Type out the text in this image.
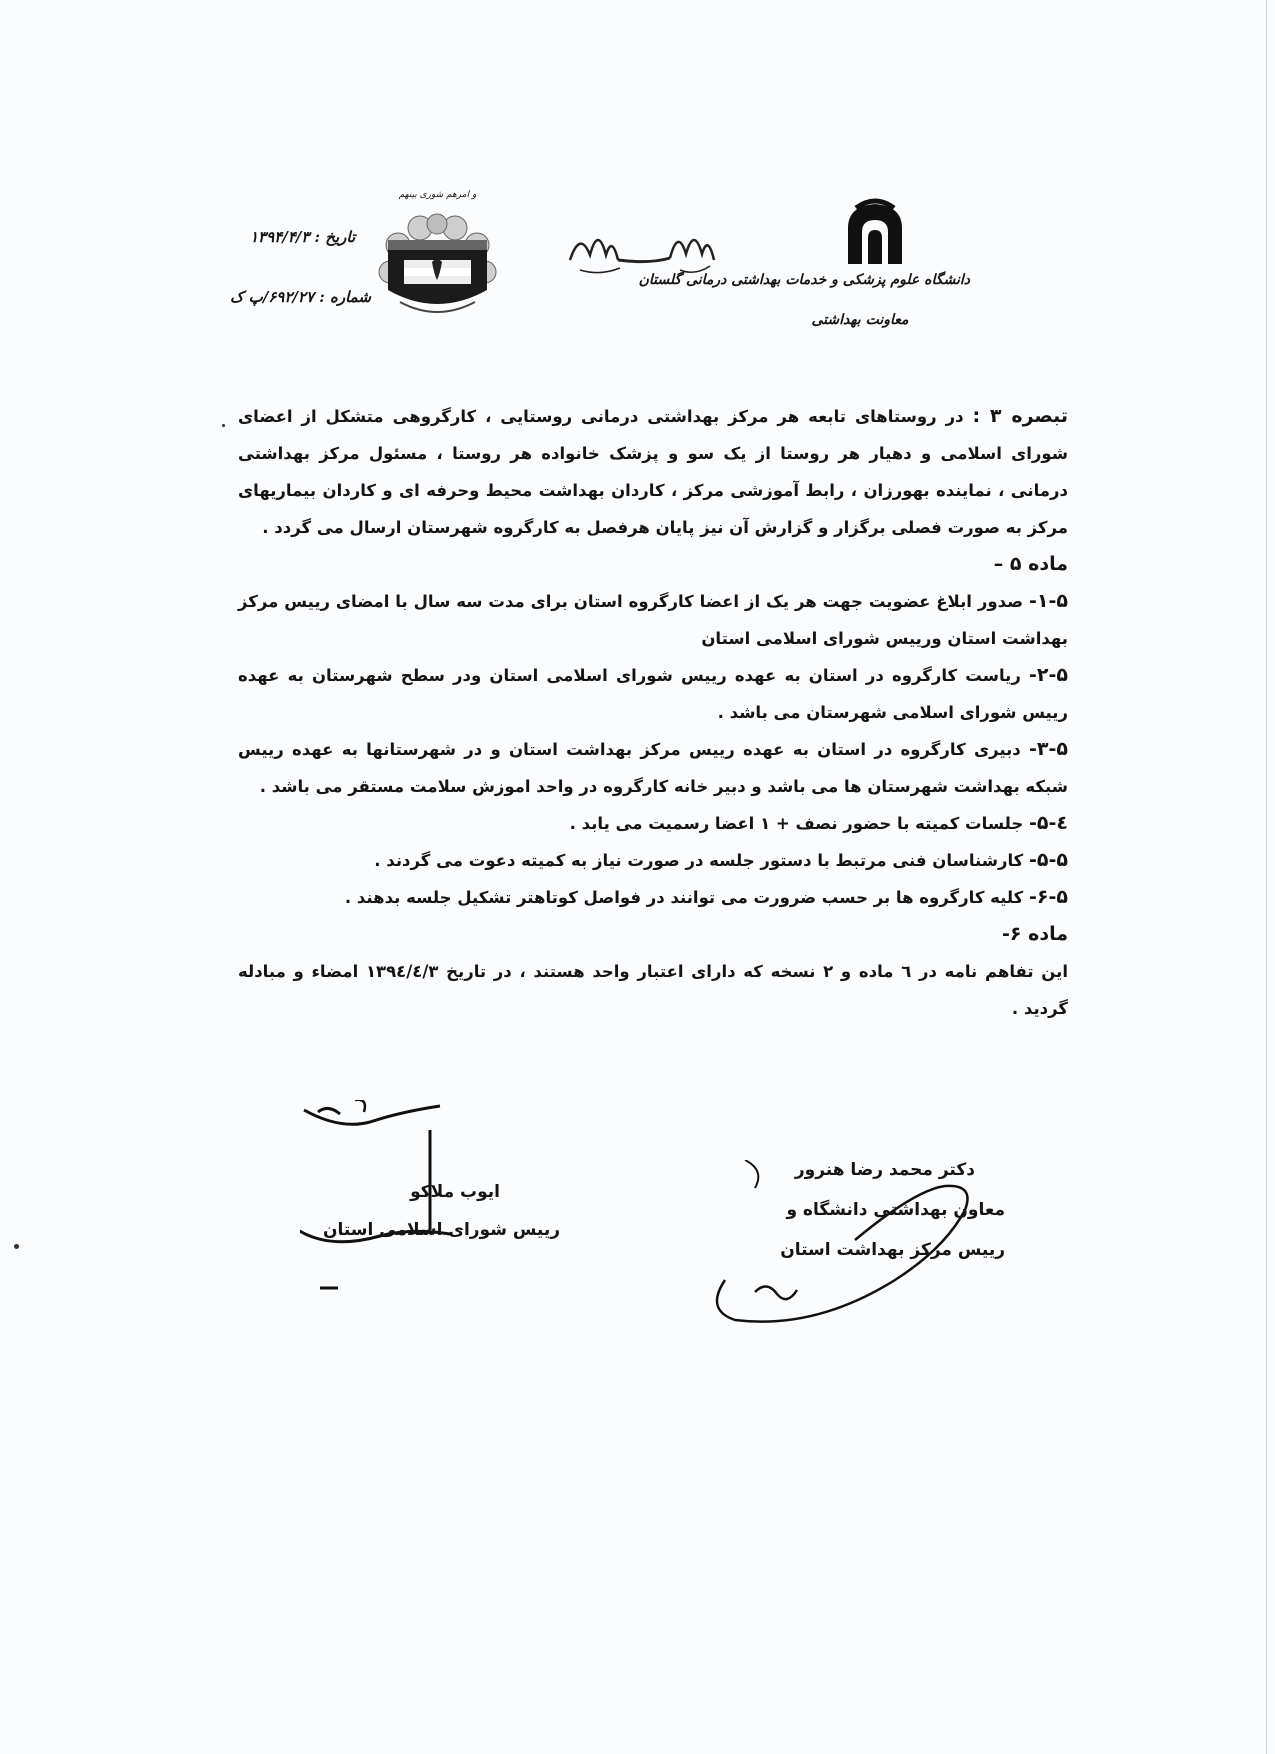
دانشگاه علوم پزشکی و خدمات بهداشتی درمانی گلستان
معاونت بهداشتی
و امرهم شوری بینهم
تاریخ : ۱۳۹۴/۴/۳
شماره : ۶۹۲/۲۷/پ ک

تبصره ۳ : در روستاهای تابعه هر مرکز بهداشتی درمانی روستایی ، کارگروهی متشکل از اعضای شورای اسلامی و دهیار هر روستا از یک سو و پزشک خانواده هر روستا ، مسئول مرکز بهداشتی درمانی ، نماینده بهورزان ، رابط آموزشی مرکز ، کاردان بهداشت محیط وحرفه ای و کاردان بیماریهای مرکز به صورت فصلی برگزار و گزارش آن نیز پایان هرفصل به کارگروه شهرستان ارسال می گردد .

ماده ۵ –

۱-۵- صدور ابلاغ عضویت جهت هر یک از اعضا کارگروه استان برای مدت سه سال با امضای رییس مرکز بهداشت استان ورییس شورای اسلامی استان

۲-۵- ریاست کارگروه در استان به عهده رییس شورای اسلامی استان ودر سطح شهرستان به عهده رییس شورای اسلامی شهرستان می باشد .

۳-۵- دبیری کارگروه در استان به عهده رییس مرکز بهداشت استان و در شهرستانها به عهده رییس شبکه بهداشت شهرستان ها می باشد و دبیر خانه کارگروه در واحد اموزش سلامت مستقر می باشد .

٤-۵- جلسات کمیته با حضور نصف + ۱ اعضا رسمیت می یابد .

۵-۵- کارشناسان فنی مرتبط با دستور جلسه در صورت نیاز به کمیته دعوت می گردند .

۶-۵- کلیه کارگروه ها بر حسب ضرورت می توانند در فواصل کوتاهتر تشکیل جلسه بدهند .

ماده ۶-

این تفاهم نامه در ٦ ماده و ۲ نسخه که دارای اعتبار واحد هستند ، در تاریخ ۱۳۹٤/٤/۳ امضاء و مبادله گردید .

ایوب ملاکو
رییس شورای اسلامی استان
دکتر محمد رضا هنرور
معاون بهداشتی دانشگاه و
رییس مرکز بهداشت استان
